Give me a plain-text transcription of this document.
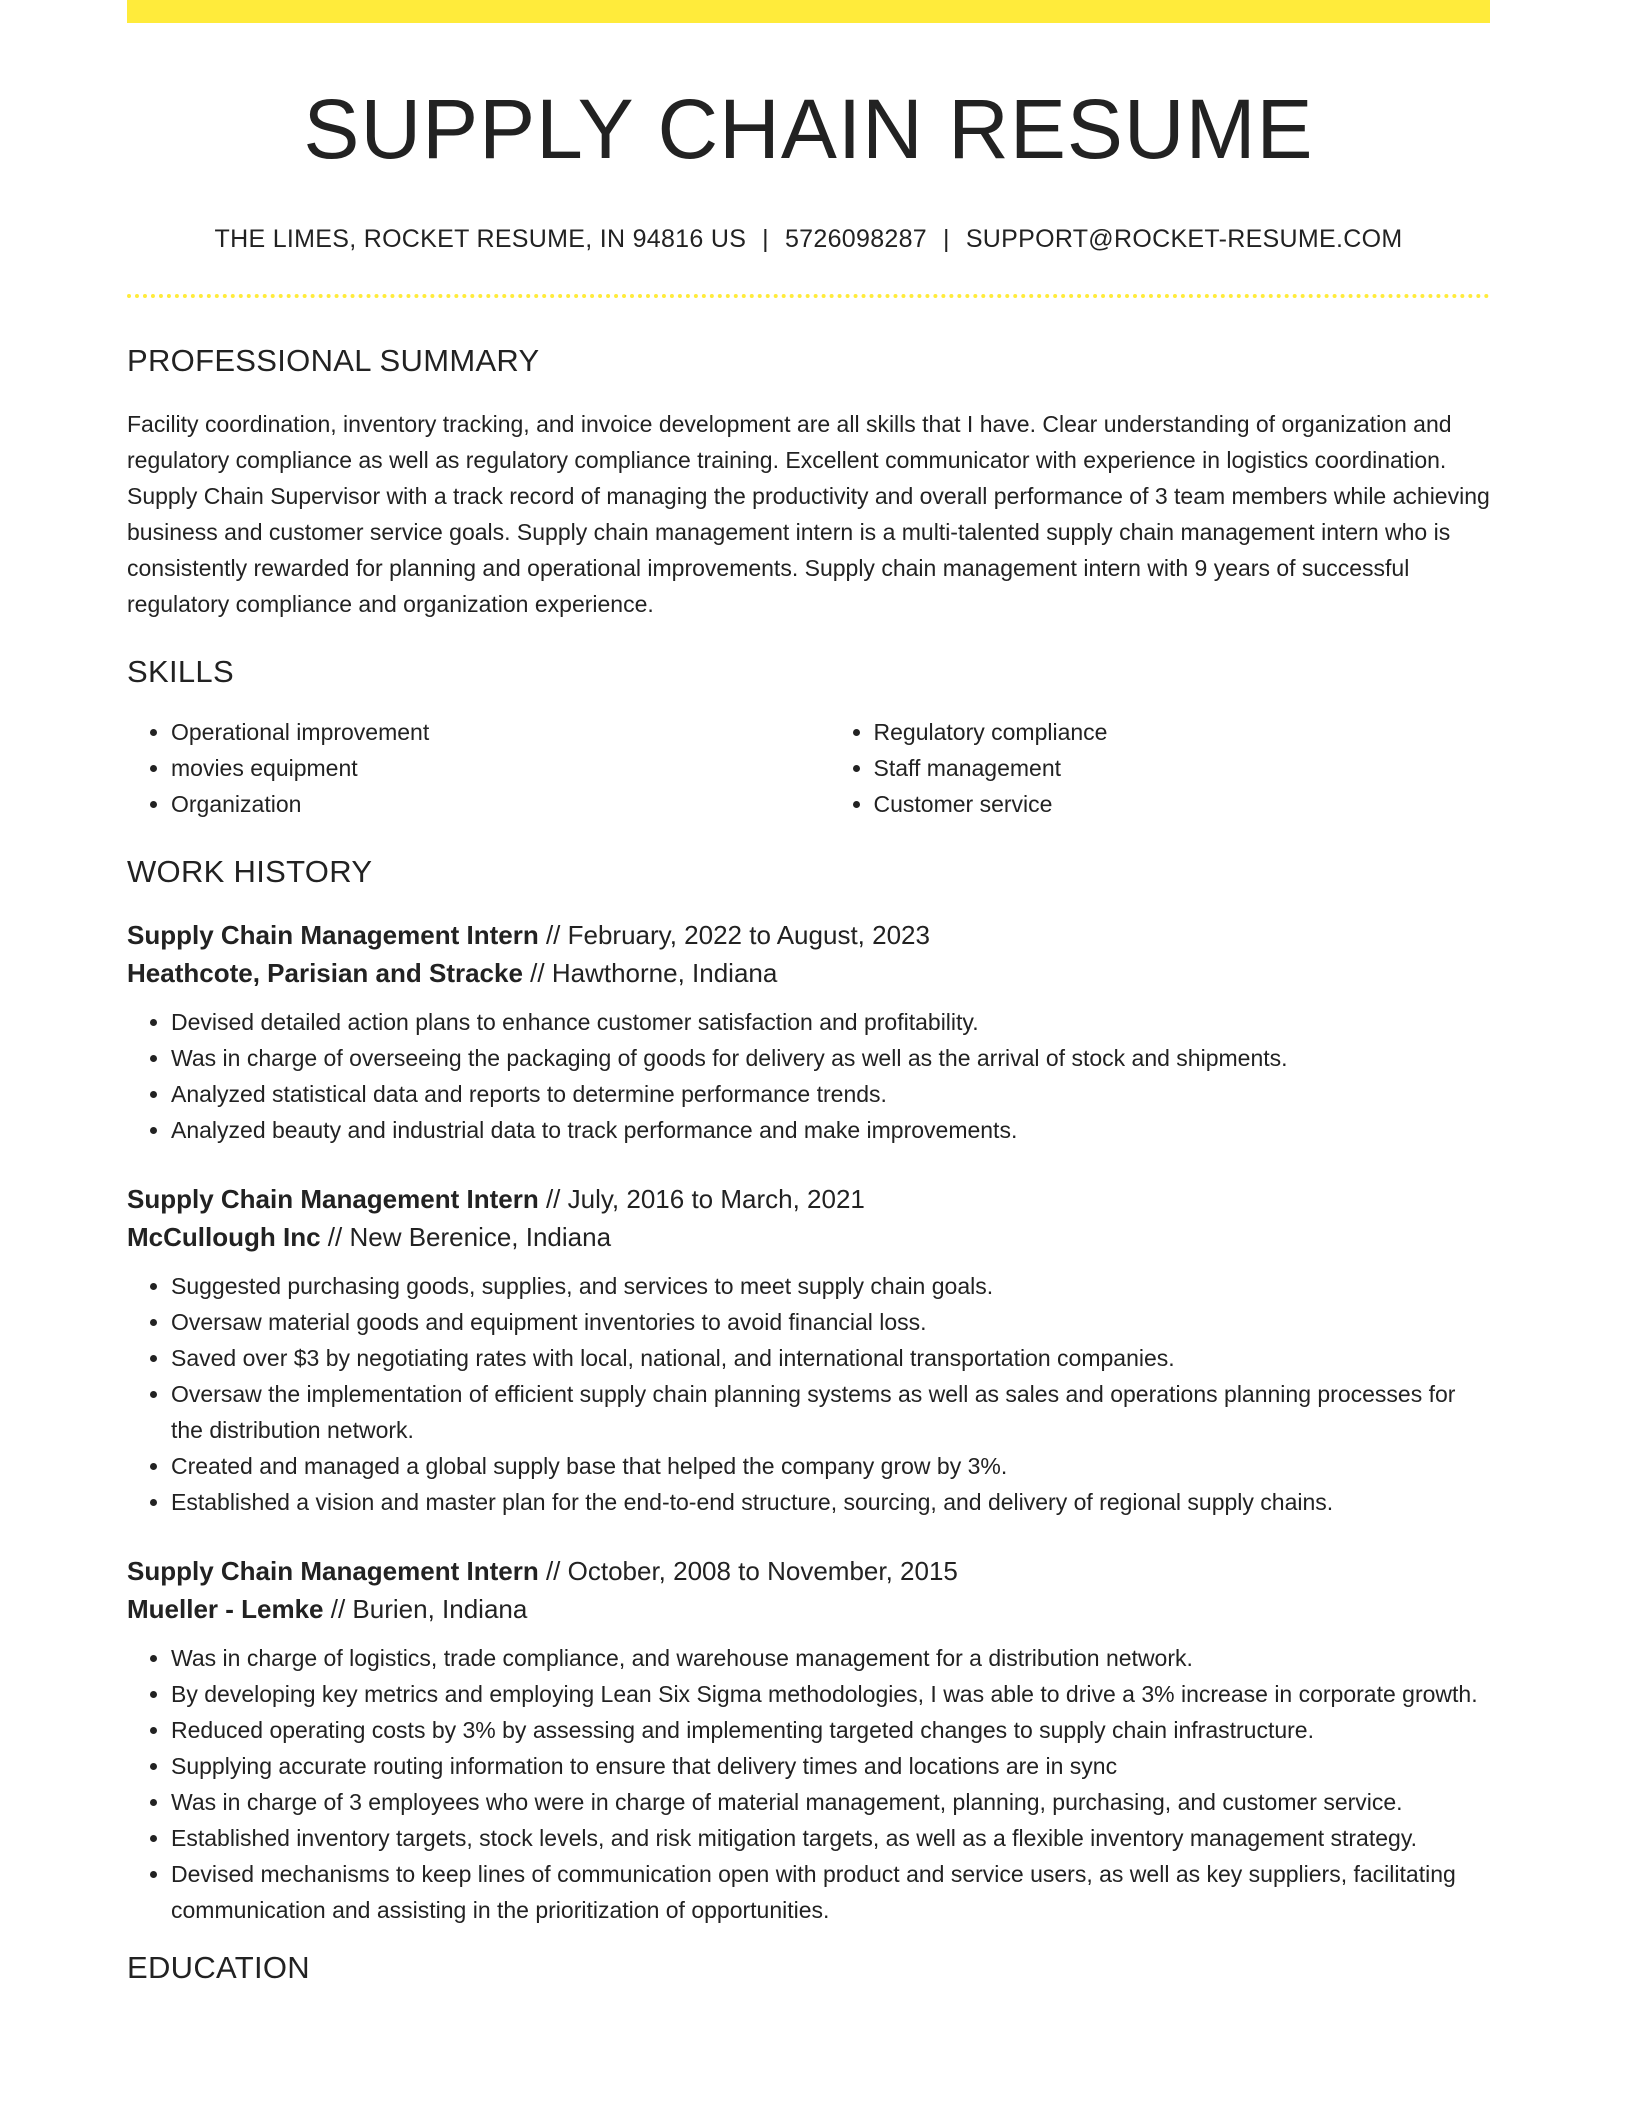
SUPPLY CHAIN RESUME
THE LIMES, ROCKET RESUME, IN 94816 US | 5726098287 | SUPPORT@ROCKET-RESUME.COM
PROFESSIONAL SUMMARY
Facility coordination, inventory tracking, and invoice development are all skills that I have. Clear understanding of organization and regulatory compliance as well as regulatory compliance training. Excellent communicator with experience in logistics coordination. Supply Chain Supervisor with a track record of managing the productivity and overall performance of 3 team members while achieving business and customer service goals. Supply chain management intern is a multi-talented supply chain management intern who is consistently rewarded for planning and operational improvements. Supply chain management intern with 9 years of successful regulatory compliance and organization experience.
SKILLS
• Operational improvement
• movies equipment
• Organization
• Regulatory compliance
• Staff management
• Customer service
WORK HISTORY
Supply Chain Management Intern // February, 2022 to August, 2023
Heathcote, Parisian and Stracke // Hawthorne, Indiana
• Devised detailed action plans to enhance customer satisfaction and profitability.
• Was in charge of overseeing the packaging of goods for delivery as well as the arrival of stock and shipments.
• Analyzed statistical data and reports to determine performance trends.
• Analyzed beauty and industrial data to track performance and make improvements.
Supply Chain Management Intern // July, 2016 to March, 2021
McCullough Inc // New Berenice, Indiana
• Suggested purchasing goods, supplies, and services to meet supply chain goals.
• Oversaw material goods and equipment inventories to avoid financial loss.
• Saved over $3 by negotiating rates with local, national, and international transportation companies.
• Oversaw the implementation of efficient supply chain planning systems as well as sales and operations planning processes for the distribution network.
• Created and managed a global supply base that helped the company grow by 3%.
• Established a vision and master plan for the end-to-end structure, sourcing, and delivery of regional supply chains.
Supply Chain Management Intern // October, 2008 to November, 2015
Mueller - Lemke // Burien, Indiana
• Was in charge of logistics, trade compliance, and warehouse management for a distribution network.
• By developing key metrics and employing Lean Six Sigma methodologies, I was able to drive a 3% increase in corporate growth.
• Reduced operating costs by 3% by assessing and implementing targeted changes to supply chain infrastructure.
• Supplying accurate routing information to ensure that delivery times and locations are in sync
• Was in charge of 3 employees who were in charge of material management, planning, purchasing, and customer service.
• Established inventory targets, stock levels, and risk mitigation targets, as well as a flexible inventory management strategy.
• Devised mechanisms to keep lines of communication open with product and service users, as well as key suppliers, facilitating communication and assisting in the prioritization of opportunities.
EDUCATION
